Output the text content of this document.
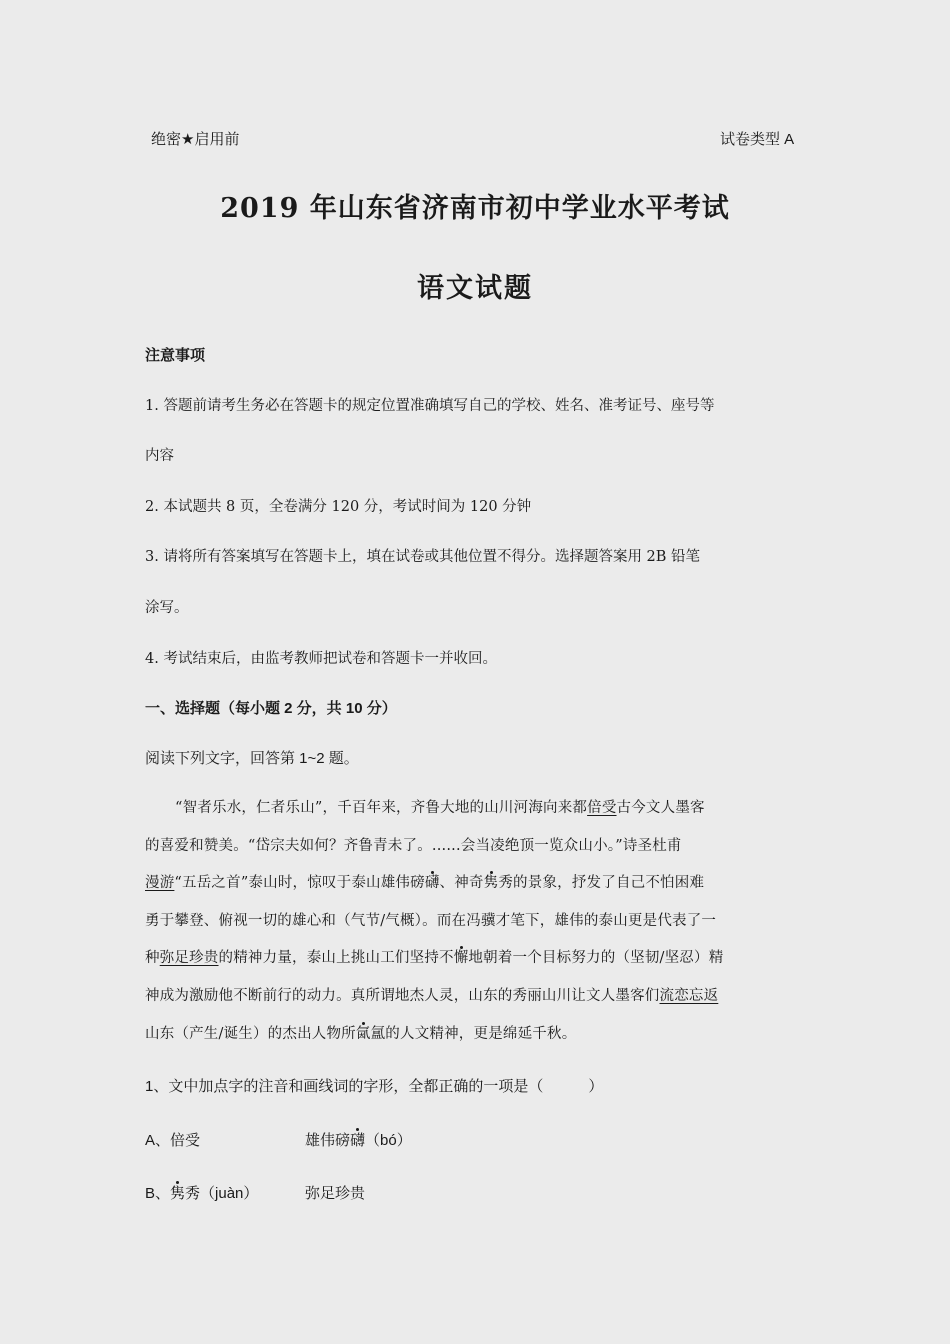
绝密★启用前	试卷类型 A
2019 年山东省济南市初中学业水平考试
语文试题
注意事项
1. 答题前请考生务必在答题卡的规定位置准确填写自己的学校、姓名、准考证号、座号等
内容
2. 本试题共 8 页，全卷满分 120 分，考试时间为 120 分钟
3. 请将所有答案填写在答题卡上，填在试卷或其他位置不得分。选择题答案用 2B 铅笔
涂写。
4. 考试结束后，由监考教师把试卷和答题卡一并收回。
一、选择题（每小题 2 分，共 10 分）
阅读下列文字，回答第 1~2 题。

“智者乐水，仁者乐山”，千百年来，齐鲁大地的山川河海向来都倍受古今文人墨客

的喜爱和赞美。“岱宗夫如何？齐鲁青未了。......会当凌绝顶一览众山小。”诗圣杜甫

漫游“五岳之首”泰山时，惊叹于泰山雄伟磅礴、神奇隽秀的景象，抒发了自己不怕困难

勇于攀登、俯视一切的雄心和（气节/气概）。而在冯骥才笔下，雄伟的泰山更是代表了一

种弥足珍贵的精神力量，泰山上挑山工们坚持不懈地朝着一个目标努力的（坚韧/坚忍）精

神成为激励他不断前行的动力。真所谓地杰人灵，山东的秀丽山川让文人墨客们流恋忘返

山东（产生/诞生）的杰出人物所氤氲的人文精神，更是绵延千秋。

1、文中加点字的注音和画线词的字形，全都正确的一项是（　　　）
A、倍受	雄伟磅礴（bó）
B、隽秀（juàn）	弥足珍贵
